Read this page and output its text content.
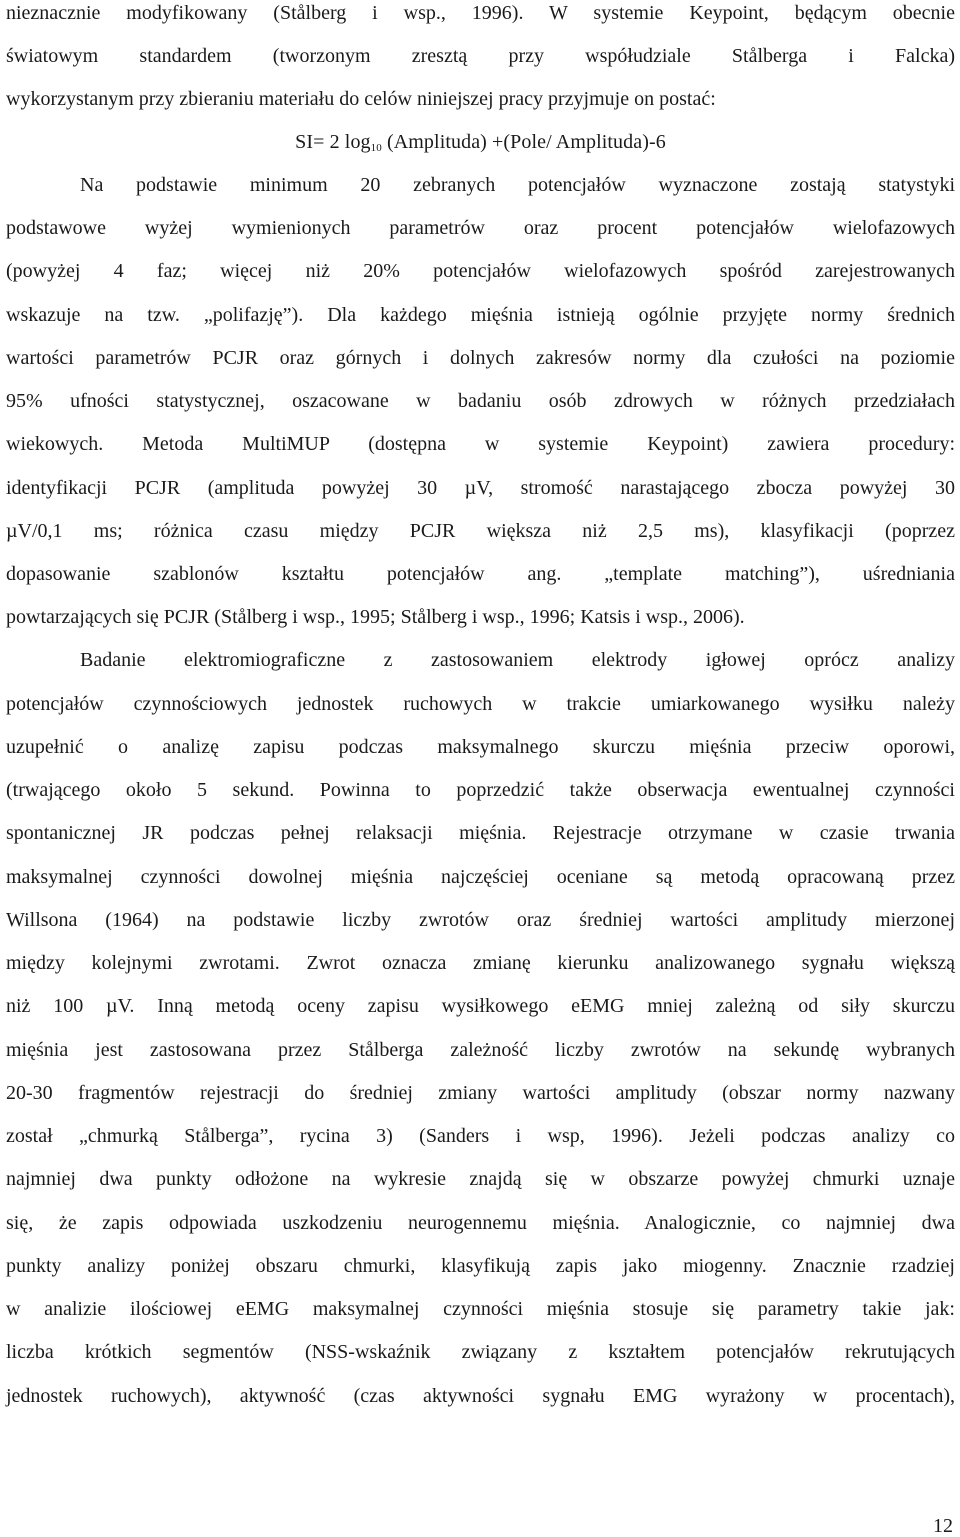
nieznacznie modyfikowany (Stålberg i wsp., 1996). W systemie Keypoint, będącym obecnie
światowym standardem (tworzonym zresztą przy współudziale Stålberga i Falcka)
wykorzystanym przy zbieraniu materiału do celów niniejszej pracy przyjmuje on postać:
SI= 2 $\log_{10}$ (Amplituda) +(Pole/ Amplituda)-6
Na podstawie minimum 20 zebranych potencjałów wyznaczone zostają statystyki
podstawowe wyżej wymienionych parametrów oraz procent potencjałów wielofazowych
(powyżej 4 faz; więcej niż 20% potencjałów wielofazowych spośród zarejestrowanych
wskazuje na tzw. „polifazję”). Dla każdego mięśnia istnieją ogólnie przyjęte normy średnich
wartości parametrów PCJR oraz górnych i dolnych zakresów normy dla czułości na poziomie
95% ufności statystycznej, oszacowane w badaniu osób zdrowych w różnych przedziałach
wiekowych. Metoda MultiMUP (dostępna w systemie Keypoint) zawiera procedury:
identyfikacji PCJR (amplituda powyżej 30 µV, stromość narastającego zbocza powyżej 30
µV/0,1 ms; różnica czasu między PCJR większa niż 2,5 ms), klasyfikacji (poprzez
dopasowanie szablonów kształtu potencjałów ang. „template matching”), uśredniania
powtarzających się PCJR (Stålberg i wsp., 1995; Stålberg i wsp., 1996; Katsis i wsp., 2006).
Badanie elektromiograficzne z zastosowaniem elektrody igłowej oprócz analizy
potencjałów czynnościowych jednostek ruchowych w trakcie umiarkowanego wysiłku należy
uzupełnić o analizę zapisu podczas maksymalnego skurczu mięśnia przeciw oporowi,
(trwającego około 5 sekund. Powinna to poprzedzić także obserwacja ewentualnej czynności
spontanicznej JR podczas pełnej relaksacji mięśnia. Rejestracje otrzymane w czasie trwania
maksymalnej czynności dowolnej mięśnia najczęściej oceniane są metodą opracowaną przez
Willsona (1964) na podstawie liczby zwrotów oraz średniej wartości amplitudy mierzonej
między kolejnymi zwrotami. Zwrot oznacza zmianę kierunku analizowanego sygnału większą
niż 100 µV. Inną metodą oceny zapisu wysiłkowego eEMG mniej zależną od siły skurczu
mięśnia jest zastosowana przez Stålberga zależność liczby zwrotów na sekundę wybranych
20-30 fragmentów rejestracji do średniej zmiany wartości amplitudy (obszar normy nazwany
został „chmurką Stålberga”, rycina 3) (Sanders i wsp, 1996). Jeżeli podczas analizy co
najmniej dwa punkty odłożone na wykresie znajdą się w obszarze powyżej chmurki uznaje
się, że zapis odpowiada uszkodzeniu neurogennemu mięśnia. Analogicznie, co najmniej dwa
punkty analizy poniżej obszaru chmurki, klasyfikują zapis jako miogenny. Znacznie rzadziej
w analizie ilościowej eEMG maksymalnej czynności mięśnia stosuje się parametry takie jak:
liczba krótkich segmentów (NSS-wskaźnik związany z kształtem potencjałów rekrutujących
jednostek ruchowych), aktywność (czas aktywności sygnału EMG wyrażony w procentach),
12
